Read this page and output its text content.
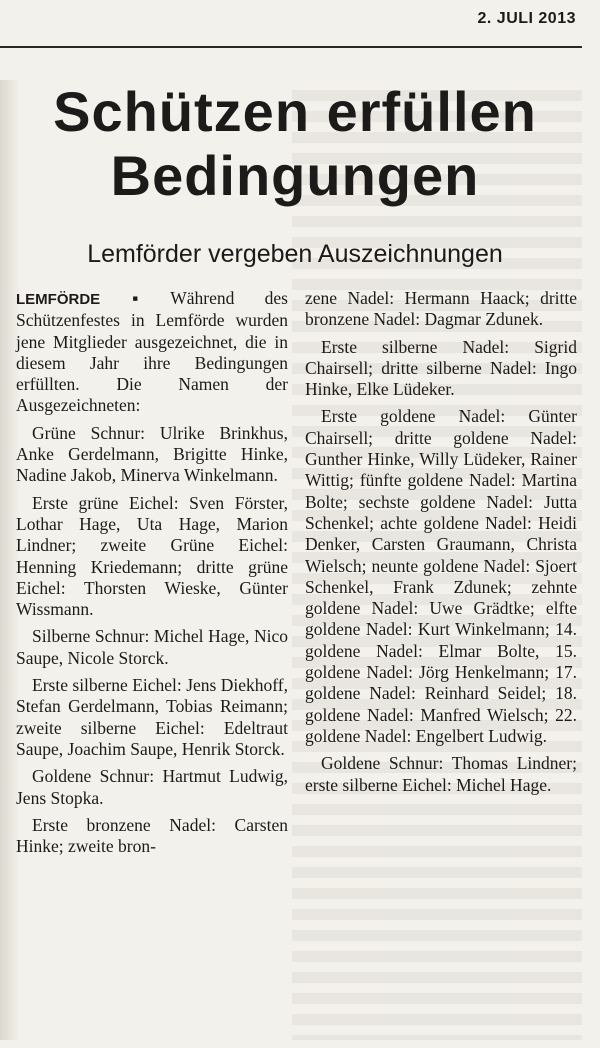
2. JULI 2013
Schützen erfüllen
Bedingungen
Lemförder vergeben Auszeichnungen

LEMFÖRDE ▪ Während des Schützenfestes in Lemförde wurden jene Mitglieder ausgezeichnet, die in diesem Jahr ihre Bedingungen erfüllten. Die Namen der Ausgezeichneten:

Grüne Schnur: Ulrike Brinkhus, Anke Gerdelmann, Brigitte Hinke, Nadine Jakob, Minerva Winkelmann.

Erste grüne Eichel: Sven Förster, Lothar Hage, Uta Hage, Marion Lindner; zweite Grüne Eichel: Henning Kriedemann; dritte grüne Eichel: Thorsten Wieske, Günter Wissmann.

Silberne Schnur: Michel Hage, Nico Saupe, Nicole Storck.

Erste silberne Eichel: Jens Diekhoff, Stefan Gerdelmann, Tobias Reimann; zweite silberne Eichel: Edeltraut Saupe, Joachim Saupe, Henrik Storck.

Goldene Schnur: Hartmut Ludwig, Jens Stopka.

Erste bronzene Nadel: Carsten Hinke; zweite bron-

zene Nadel: Hermann Haack; dritte bronzene Nadel: Dagmar Zdunek.

Erste silberne Nadel: Sigrid Chairsell; dritte silberne Nadel: Ingo Hinke, Elke Lüdeker.

Erste goldene Nadel: Günter Chairsell; dritte goldene Nadel: Gunther Hinke, Willy Lüdeker, Rainer Wittig; fünfte goldene Nadel: Martina Bolte; sechste goldene Nadel: Jutta Schenkel; achte goldene Nadel: Heidi Denker, Carsten Graumann, Christa Wielsch; neunte goldene Nadel: Sjoert Schenkel, Frank Zdunek; zehnte goldene Nadel: Uwe Grädtke; elfte goldene Nadel: Kurt Winkelmann; 14. goldene Nadel: Elmar Bolte, 15. goldene Nadel: Jörg Henkelmann; 17. goldene Nadel: Reinhard Seidel; 18. goldene Nadel: Manfred Wielsch; 22. goldene Nadel: Engelbert Ludwig.

Goldene Schnur: Thomas Lindner; erste silberne Eichel: Michel Hage.
